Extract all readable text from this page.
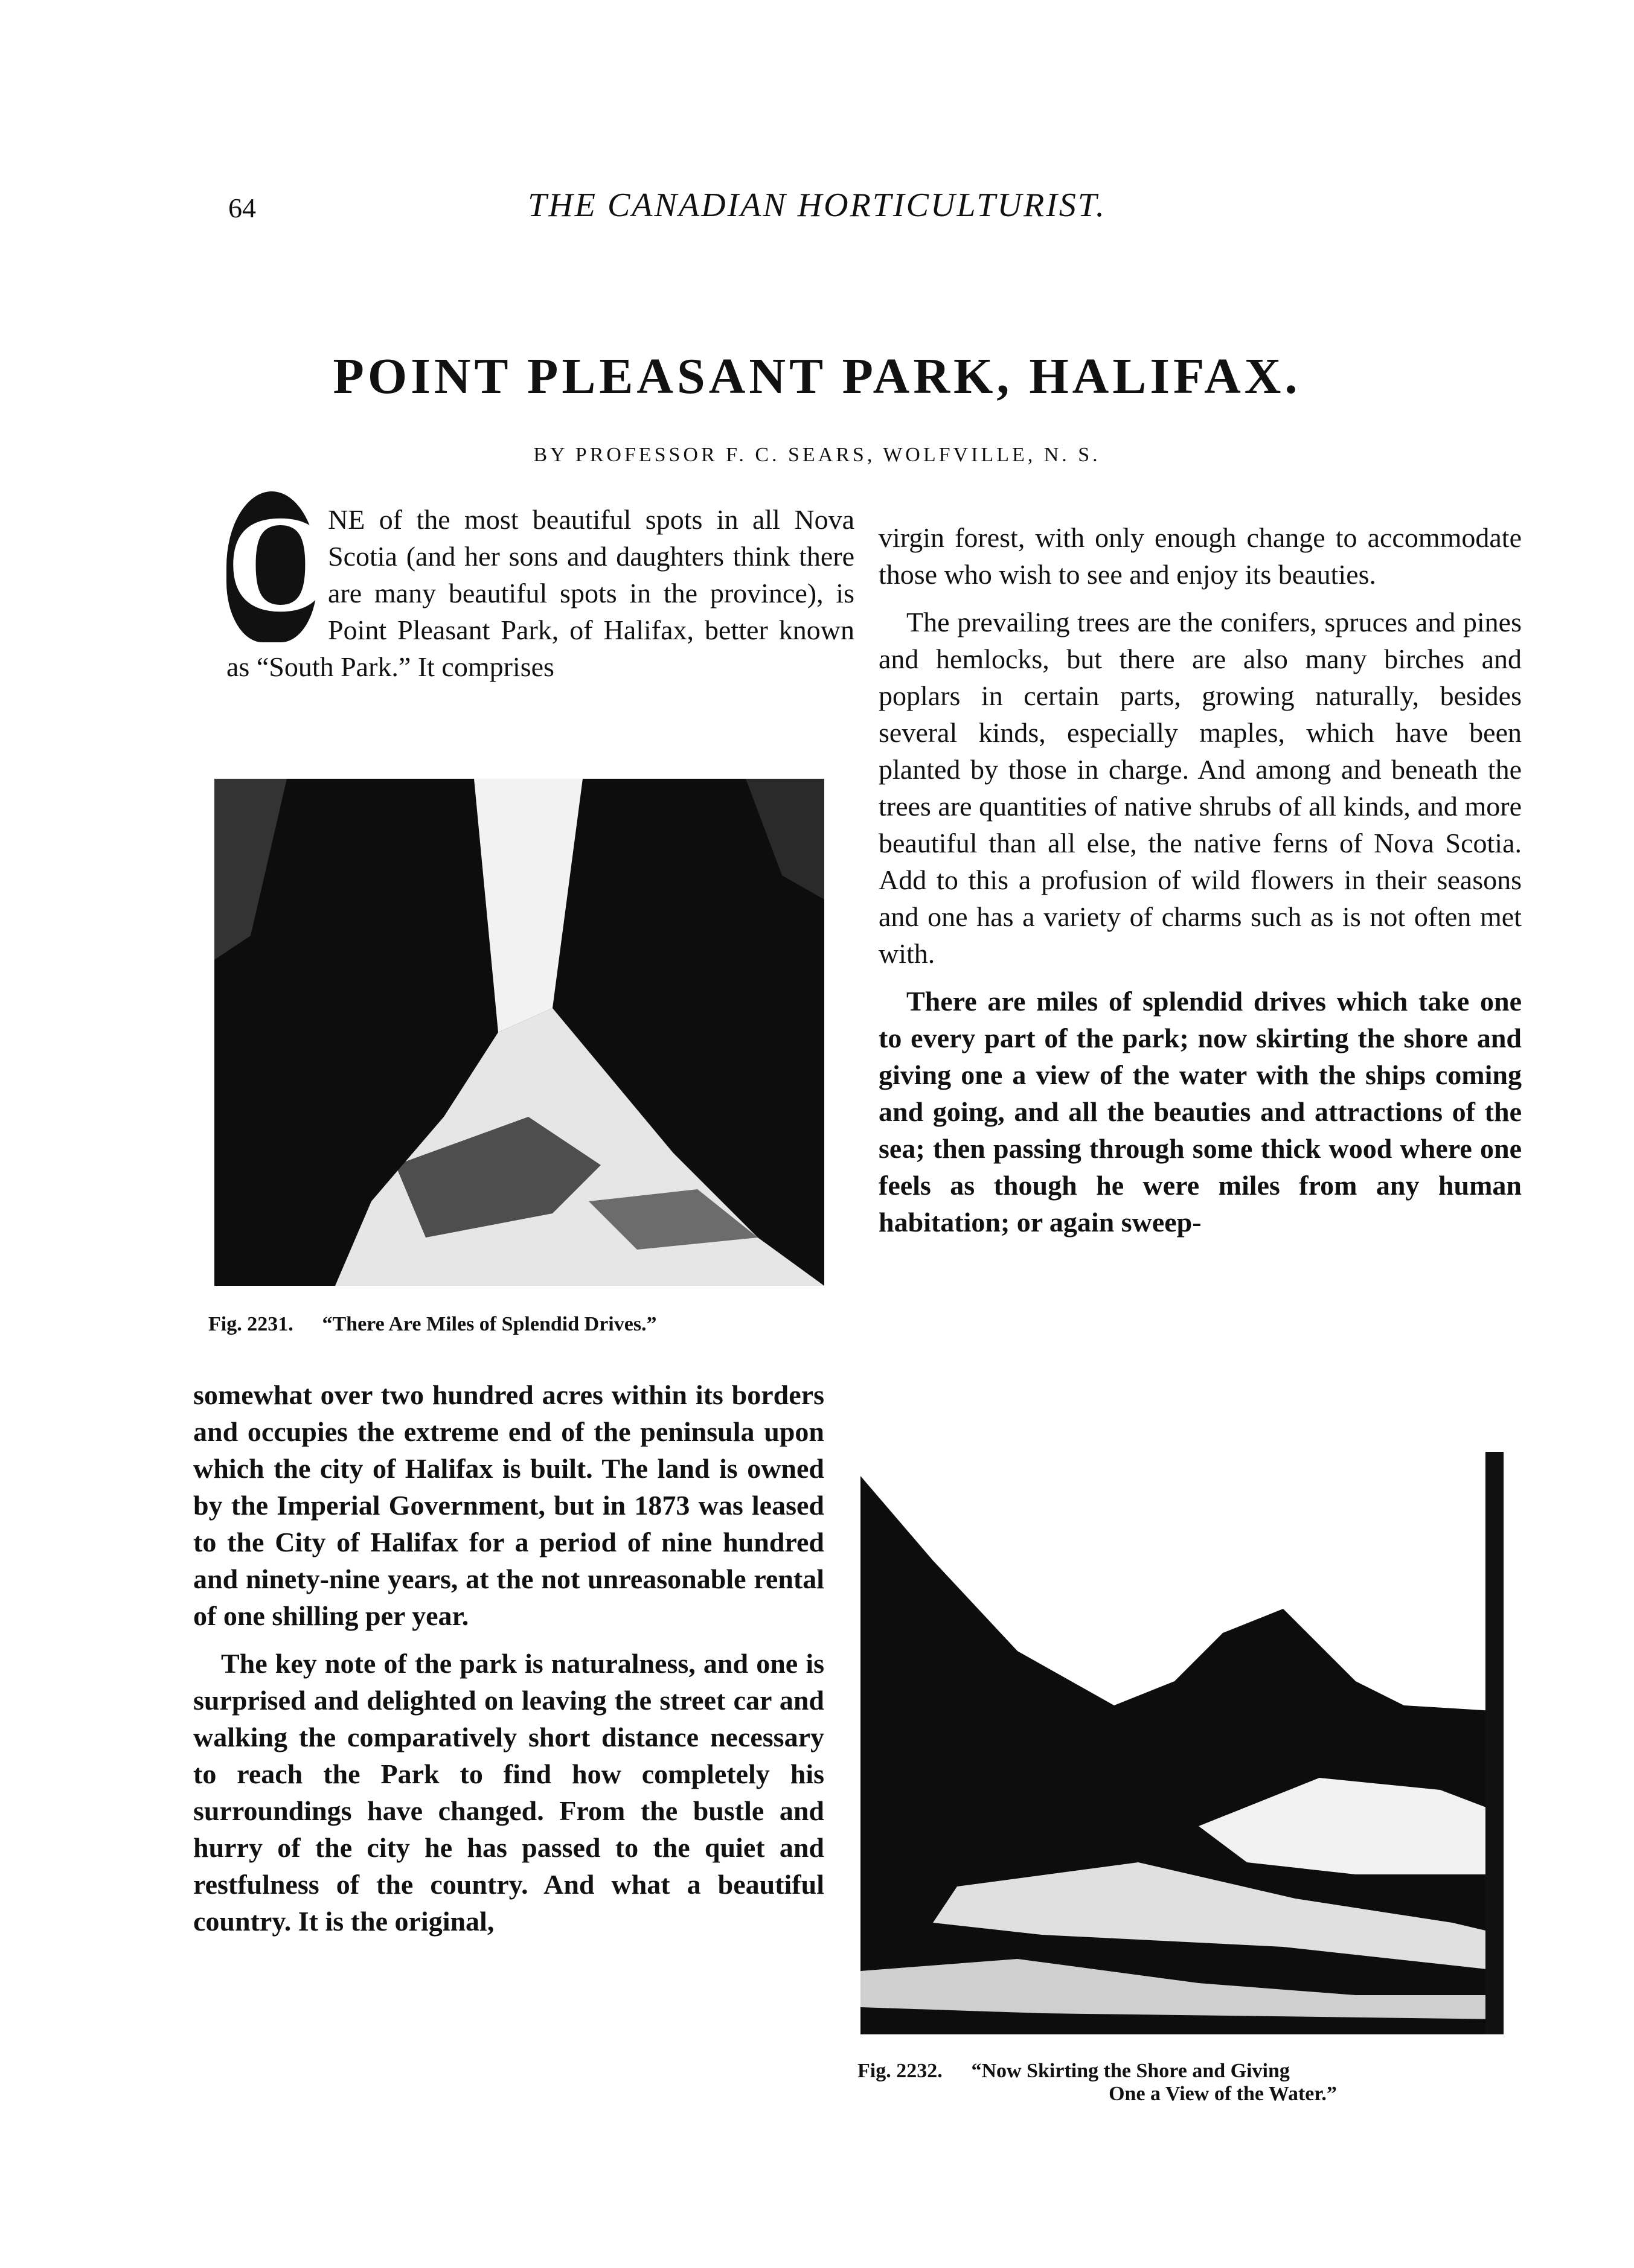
64	THE CANADIAN HORTICULTURIST.
POINT PLEASANT PARK, HALIFAX.
BY PROFESSOR F. C. SEARS, WOLFVILLE, N. S.

O
NE of the most beautiful spots in all Nova Scotia (and her sons and daughters think there are many beautiful spots in the province), is Point Pleasant Park, of Halifax, better known as “South Park.” It comprises

Fig. 2231. “There Are Miles of Splendid Drives.”

somewhat over two hundred acres within its borders and occupies the extreme end of the peninsula upon which the city of Halifax is built. The land is owned by the Imperial Government, but in 1873 was leased to the City of Halifax for a period of nine hundred and ninety-nine years, at the not unreasonable rental of one shilling per year.

The key note of the park is naturalness, and one is surprised and delighted on leaving the street car and walking the comparatively short distance necessary to reach the Park to find how completely his surroundings have changed. From the bustle and hurry of the city he has passed to the quiet and restfulness of the country. And what a beautiful country. It is the original,

virgin forest, with only enough change to accommodate those who wish to see and enjoy its beauties.

The prevailing trees are the conifers, spruces and pines and hemlocks, but there are also many birches and poplars in certain parts, growing naturally, besides several kinds, especially maples, which have been planted by those in charge. And among and beneath the trees are quantities of native shrubs of all kinds, and more beautiful than all else, the native ferns of Nova Scotia. Add to this a profusion of wild flowers in their seasons and one has a variety of charms such as is not often met with.

There are miles of splendid drives which take one to every part of the park; now skirting the shore and giving one a view of the water with the ships coming and going, and all the beauties and attractions of the sea; then passing through some thick wood where one feels as though he were miles from any human habitation; or again sweep-

Fig. 2232. “Now Skirting the Shore and Giving
One a View of the Water.”
